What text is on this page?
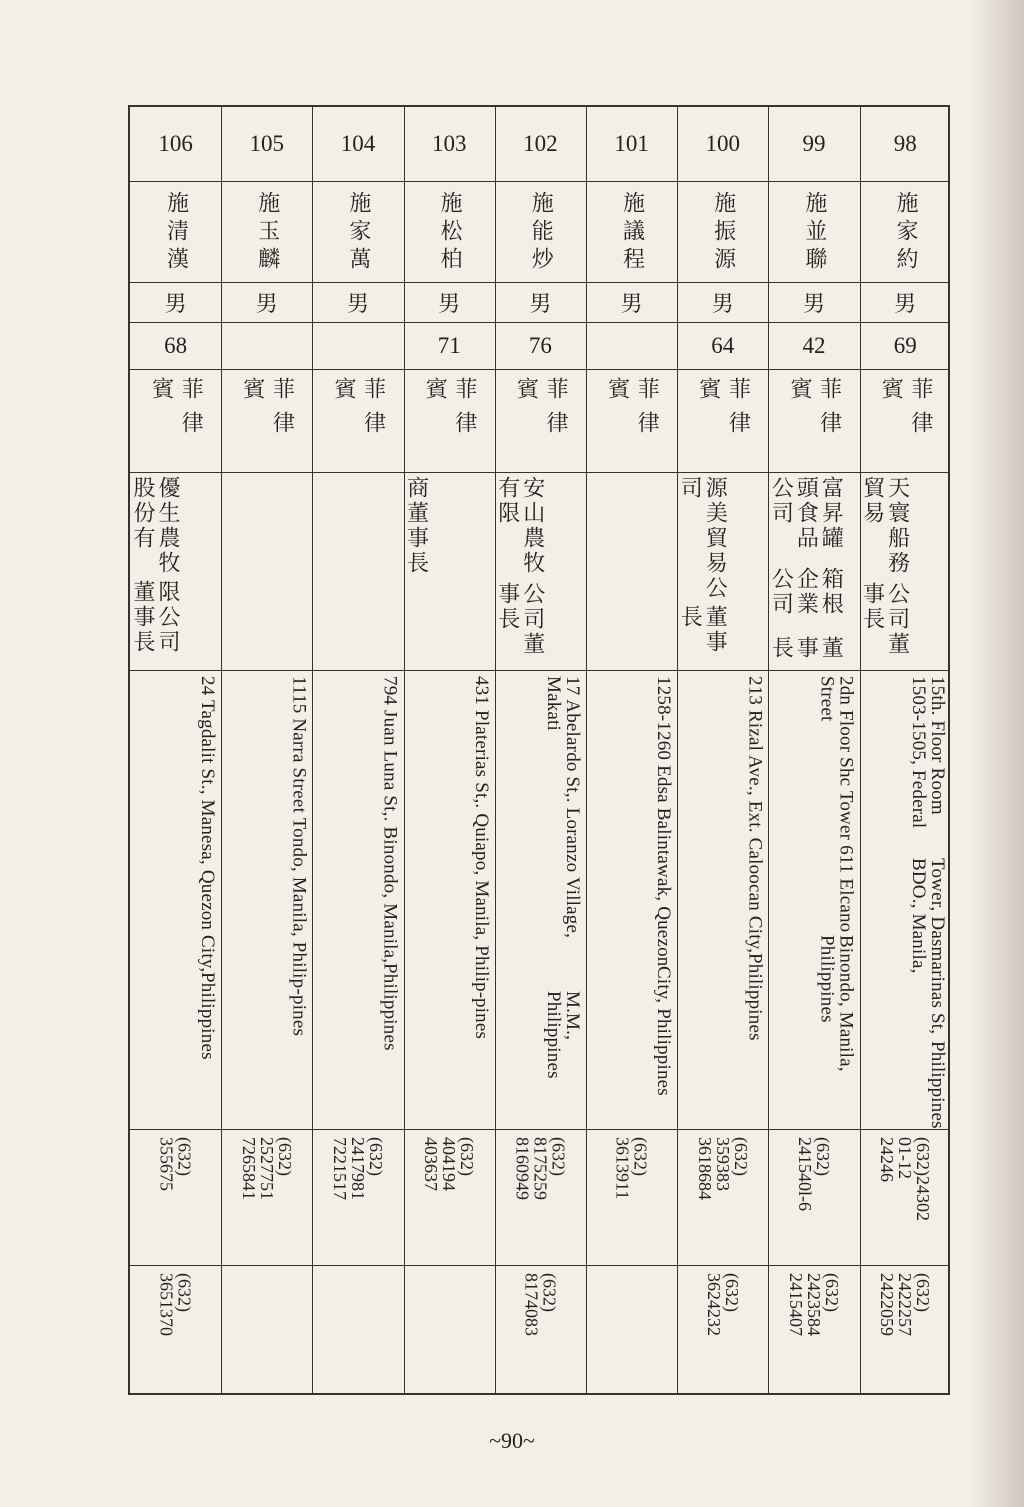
98
施家約
男
69
菲律賓
天寰船務貿易
公司董事長
15th. Floor Room 1503-1505, Federal
Tower, Dasmarinas St, BDO., Manila,
Philippines
(632)24302
01-12
24246
(632)
2422257
2422059
99
施並聯
男
42
菲律賓
富昇罐頭食品公司
箱根企業公司
董事長
2dn Floor Shc Tower 611 Elcano Street
Binondo, Manila, Philippines
(632)
241540l-6
(632)
2423584
2415407
100
施振源
男
64
菲律賓
源美貿易公司
董事長
213 Rizal Ave., Ext. Caloocan City,
Philippines
(632)
359383
3618684
(632)
3624232
101
施議程
男
菲律賓
1258-1260 Edsa Balintawak, Quezon
City, Philippines
(632)
3613911
102
施能炒
男
76
菲律賓
安山農牧有限
公司董事長
17 Abelardo St,. Loranzo Village, Makati
M.M., Philippines
(632)
8175259
8160949
(632)
8174083
103
施松柏
男
71
菲律賓
商
董事長
431 Platerias St,. Quiapo, Manila, Philip-
pines
(632)
404194
403637
104
施家萬
男
菲律賓
794 Juan Luna St,. Binondo, Manila,
Philippines
(632)
2417981
7221517
105
施玉麟
男
菲律賓
1115 Narra Street Tondo, Manila, Philip-
pines
(632)
2527751
7265841
106
施清漢
男
68
菲律賓
優生農牧股份有
限公司董事長
24 Tagdalit St., Manesa, Quezon City,
Philippines
(632)
355675
(632)
3651370
~90~
